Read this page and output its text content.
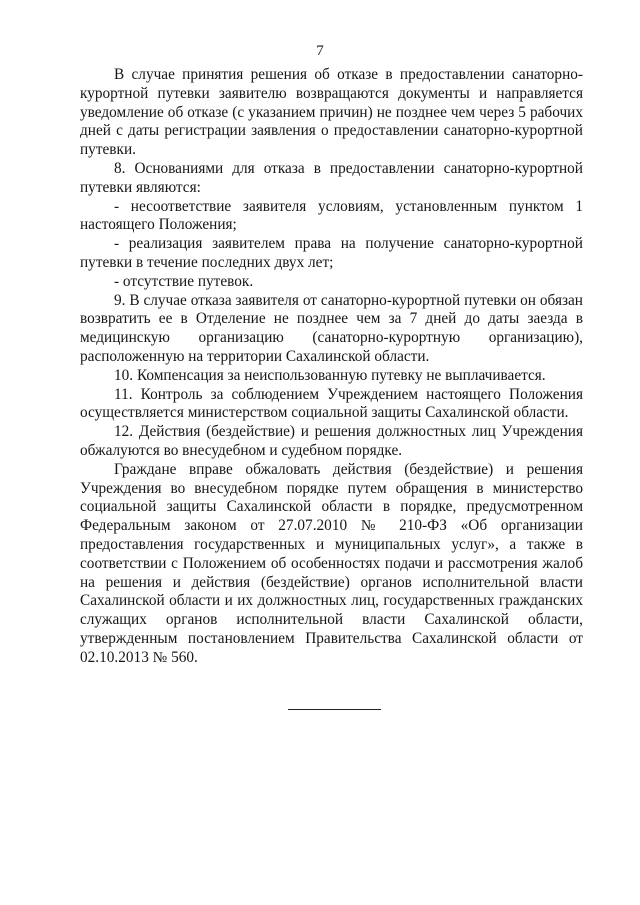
7

В случае принятия решения об отказе в предоставлении санаторно-курортной путевки заявителю возвращаются документы и направляется уведомление об отказе (с указанием причин) не позднее чем через 5 рабочих дней с даты регистрации заявления о предоставлении санаторно-курортной путевки.

8. Основаниями для отказа в предоставлении санаторно-курортной путевки являются:

- несоответствие заявителя условиям, установленным пунктом 1 настоящего Положения;

- реализация заявителем права на получение санаторно-курортной путевки в течение последних двух лет;

- отсутствие путевок.

9. В случае отказа заявителя от санаторно-курортной путевки он обязан возвратить ее в Отделение не позднее чем за 7 дней до даты заезда в медицинскую организацию (санаторно-курортную организацию), расположенную на территории Сахалинской области.

10. Компенсация за неиспользованную путевку не выплачивается.

11. Контроль за соблюдением Учреждением настоящего Положения осуществляется министерством социальной защиты Сахалинской области.

12. Действия (бездействие) и решения должностных лиц Учреждения обжалуются во внесудебном и судебном порядке.

Граждане вправе обжаловать действия (бездействие) и решения Учреждения во внесудебном порядке путем обращения в министерство социальной защиты Сахалинской области в порядке, предусмотренном Федеральным законом от 27.07.2010 № 210-ФЗ «Об организации предоставления государственных и муниципальных услуг», а также в соответствии с Положением об особенностях подачи и рассмотрения жалоб на решения и действия (бездействие) органов исполнительной власти Сахалинской области и их должностных лиц, государственных гражданских служащих органов исполнительной власти Сахалинской области, утвержденным постановлением Правительства Сахалинской области от 02.10.2013 № 560.
